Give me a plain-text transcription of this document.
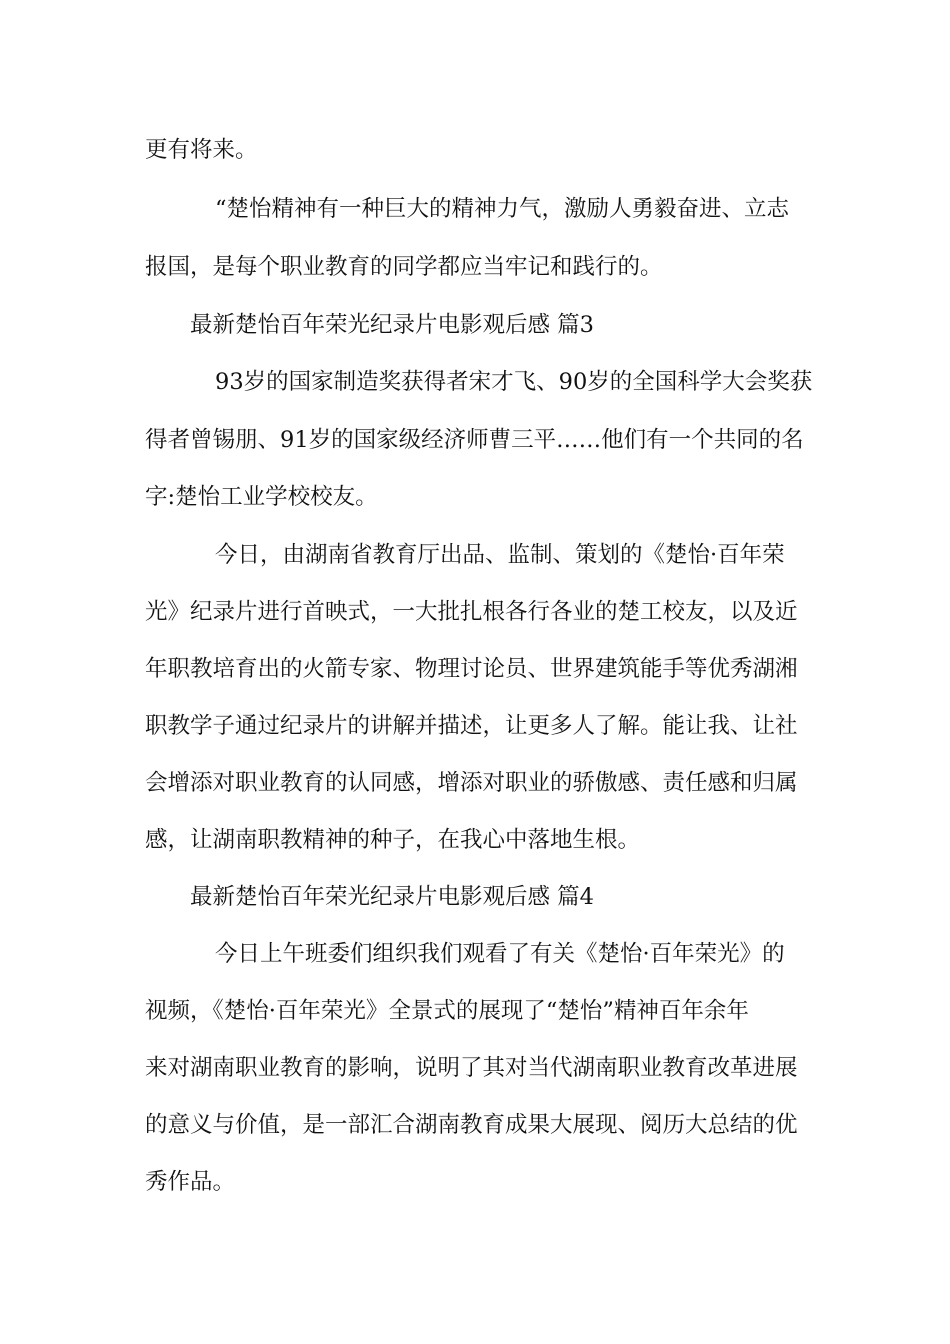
更有将来。

“楚怡精神有一种巨大的精神力气，激励人勇毅奋进、立志

报国，是每个职业教育的同学都应当牢记和践行的。

最新楚怡百年荣光纪录片电影观后感 篇3

93岁的国家制造奖获得者宋才飞、90岁的全国科学大会奖获

得者曾锡朋、91岁的国家级经济师曹三平……他们有一个共同的名

字:楚怡工业学校校友。

今日，由湖南省教育厅出品、监制、策划的《楚怡·百年荣

光》纪录片进行首映式，一大批扎根各行各业的楚工校友，以及近

年职教培育出的火箭专家、物理讨论员、世界建筑能手等优秀湖湘

职教学子通过纪录片的讲解并描述，让更多人了解。能让我、让社

会增添对职业教育的认同感，增添对职业的骄傲感、责任感和归属

感，让湖南职教精神的种子，在我心中落地生根。

最新楚怡百年荣光纪录片电影观后感 篇4

今日上午班委们组织我们观看了有关《楚怡·百年荣光》的

视频，《楚怡·百年荣光》全景式的展现了“楚怡”精神百年余年

来对湖南职业教育的影响，说明了其对当代湖南职业教育改革进展

的意义与价值，是一部汇合湖南教育成果大展现、阅历大总结的优

秀作品。
